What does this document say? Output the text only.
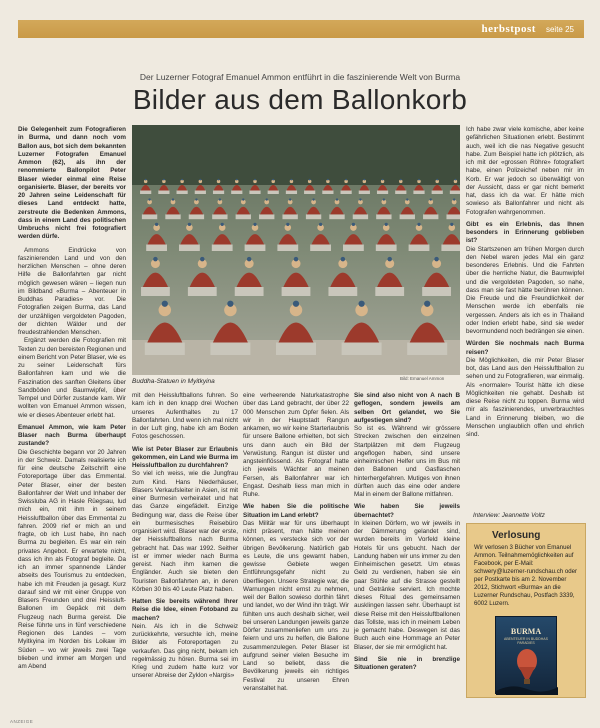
herbstpost seite 25
Der Luzerner Fotograf Emanuel Ammon entführt in die faszinierende Welt von Burma
Bilder aus dem Ballonkorb

Die Gelegenheit zum Fotografieren in Burma, und dann noch vom Ballon aus, bot sich dem bekannten Luzerner Fotografen Emanuel Ammon (62), als ihn der renommierte Ballonpilot Peter Blaser wieder einmal eine Reise organisierte. Blaser, der bereits vor 20 Jahren seine Leidenschaft für dieses Land entdeckt hatte, zerstreute die Bedenken Ammons, dass in einem Land des politischen Umbruchs nicht frei fotografiert werden dürfe.

Ammons Eindrücke von faszinierenden Land und von den herzlichen Menschen – ohne deren Hilfe die Ballonfahrten gar nicht möglich gewesen wären – liegen nun im Bildband «Burma – Abenteuer in Buddhas Paradies» vor. Die Fotografien zeigen Burma, das Land der unzähligen vergoldeten Pagoden, der dichten Wälder und der freudestrahlenden Menschen.

Ergänzt werden die Fotografien mit Texten zu den bereisten Regionen und einem Bericht von Peter Blaser, wie es zu seiner Leidenschaft fürs Ballonfahren kam und wie die Faszination des sanften Gleitens über Sandböden und Baumwipfel, über Tempel und Dörfer zustande kam. Wir wollten von Emanuel Ammon wissen, wie er dieses Abenteuer erlebt hat.

Emanuel Ammon, wie kam Peter Blaser nach Burma überhaupt zustande?

Die Geschichte begann vor 20 Jahren in der Schweiz. Damals realisierte ich für eine deutsche Zeitschrift eine Fotoreportage über das Emmental. Peter Blaser, einer der besten Ballonfahrer der Welt und Inhaber der Swissluba AG in Hasle Rüegsau, lud mich ein, mit ihm in seinem Heissluftballon über das Emmental zu fahren. 2009 rief er mich an und fragte, ob ich Lust habe, ihn nach Burma zu begleiten. Es war ein rein privates Angebot. Er erwartete nicht, dass ich ihn als Fotograf begleite. Da ich an immer spannende Länder abseits des Tourismus zu entdecken, habe ich mit Freuden ja gesagt. Kurz darauf sind wir mit einer Gruppe von Blasers Freunden und drei Heissluft-Ballonen im Gepäck mit dem Flugzeug nach Burma gereist. Die Reise führte uns in fünf verschiedene Regionen des Landes – vom Myitkyina im Norden bis Loikaw im Süden – wo wir jeweils zwei Tage blieben und immer am Morgen und am Abend

Buddha-Statuen in Myitkyina	Bild: Emanuel Ammon

mit den Heissluftballons fuhren. So kam ich in den knapp drei Wochen unseres Aufenthaltes zu 17 Ballonfahrten. Und wenn ich mal nicht in der Luft ging, habe ich am Boden Fotos geschossen.

Wie ist Peter Blaser zur Erlaubnis gekommen, ein Land wie Burma im Heissluftballon zu durchfahren?

So viel ich weiss, wie die Jungfrau zum Kind. Hans Niederhäuser, Blasers Verkaufsleiter in Asien, ist mit einer Burmesin verheiratet und hat das Ganze eingefädelt. Einzige Bedingung war, dass die Reise über ein burmesisches Reisebüro organisiert wird. Blaser war der erste, der Heissluftballons nach Burma gebracht hat. Das war 1992. Seither ist er immer wieder nach Burma gereist. Nach ihm kamen die Engländer. Auch sie bieten den Touristen Ballonfahrten an, in deren Körben 30 bis 40 Leute Platz haben.

Hatten Sie bereits während Ihrer Reise die Idee, einen Fotoband zu machen?

Nein. Als ich in die Schweiz zurückkehrte, versuchte ich, meine Bilder als Fotoreportagen zu verkaufen. Das ging nicht, bekam ich regelmässig zu hören. Burma sei im Krieg und zudem hatte kurz vor unserer Abreise der Zyklon «Nargis»

eine verheerende Naturkatastrophe über das Land gebracht, der über 22 000 Menschen zum Opfer fielen. Als wir in der Hauptstadt Rangun ankamen, wo wir keine Starterlaubnis für unsere Ballone erhielten, bot sich uns dann auch ein Bild der Verwüstung. Rangun ist düster und angsteinflössend. Als Fotograf hatte ich jeweils Wächter an meinen Fersen, als Ballonfahrer war ich Engast. Deshalb liess man mich in Ruhe.

Wie haben Sie die politische Situation im Land erlebt?

Das Militär war für uns überhaupt nicht präsent, man hätte meinen können, es verstecke sich vor der übrigen Bevölkerung. Natürlich gab es Leute, die uns gewarnt haben, gewisse Gebiete wegen Entführungsgefahr nicht zu überfliegen. Unsere Strategie war, die Warnungen nicht ernst zu nehmen, weil der Ballon sowieso dorthin fährt und landet, wo der Wind ihn trägt. Wir fühlten uns auch deshalb sicher, weil bei unseren Landungen jeweils ganze Dörfer zusammenliefen um uns zu feiern und uns zu helfen, die Ballone zusammenzulegen. Peter Blaser ist aufgrund seiner vielen Besuche im Land so beliebt, dass die Bevölkerung jeweils ein richtiges Festival zu unseren Ehren veranstaltet hat.

Sie sind also nicht von A nach B geflogen, sondern jeweils am selben Ort gelandet, wo Sie aufgestiegen sind?

So ist es. Während wir grössere Strecken zwischen den einzelnen Startplätzen mit dem Flugzeug angeflogen haben, sind unsere einheimischen Helfer uns im Bus mit den Ballonen und Gasflaschen hinterhergefahren. Mutiges von ihnen dürften auch das eine oder andere Mal in einem der Ballone mitfahren.

Wie haben Sie jeweils übernachtet?

In kleinen Dörfern, wo wir jeweils in der Dämmerung gelandet sind, wurden bereits im Vorfeld kleine Hotels für uns gebucht. Nach der Landung haben wir uns immer zu den Einheimischen gesetzt. Um etwas Geld zu verdienen, haben sie ein paar Stühle auf die Strasse gestellt und Getränke serviert. Ich mochte dieses Ritual des gemeinsamen ausklingen lassen sehr. Überhaupt ist diese Reise mit den Heissluftballonen das Tollste, was ich in meinem Leben je gemacht habe. Deswegen ist das Buch auch eine Hommage an Peter Blaser, der sie mir ermöglicht hat.

Sind Sie nie in brenzlige Situationen geraten?

Ich habe zwar viele komische, aber keine gefährlichen Situationen erlebt. Bestimmt auch, weil ich die nas Negative gesucht habe. Zum Beispiel hatte ich plötzlich, als ich mit der «grossen Röhre» fotografiert habe, einen Polizeichef neben mir im Korb. Er war jedoch so überwältigt von der Aussicht, dass er gar nicht bemerkt hat, dass ich da war. Er hätte mich sowieso als Ballonfahrer und nicht als Fotografen wahrgenommen.

Gibt es ein Erlebnis, das Ihnen besonders in Erinnerung geblieben ist?

Die Startszenen am frühen Morgen durch den Nebel waren jedes Mal ein ganz besonderes Erlebnis. Und die Fahrten über die herrliche Natur, die Baumwipfel und die vergoldeten Pagoden, so nahe, dass man sie fast hätte berühren können. Die Freude und die Freundlichkeit der Menschen werde ich ebenfalls nie vergessen. Anders als ich es in Thailand oder Indien erlebt habe, sind sie weder bevormundend noch bedrängen sie einen.

Würden Sie nochmals nach Burma reisen?

Die Möglichkeiten, die mir Peter Blaser bot, das Land aus den Heissluftballon zu sehen und zu Fotografieren, war einmalig. Als «normaler» Tourist hätte ich diese Möglichkeiten nie gehabt. Deshalb ist diese Reise nicht zu toppen. Burma wird mir als faszinierendes, unverbrauchtes Land in Erinnerung bleiben, wo die Menschen unglaublich offen und ehrlich sind.

Interview: Jeannette Voltz
Verlosung
Wir verlosen 3 Bücher von Emanuel Ammon. Teilnahmemöglichkeiten auf Facebook, per E-Mail: schwery@luzerner-rundschau.ch oder per Postkarte bis am 2. November 2012, Stichwort «Burma» an die Luzerner Rundschau, Postfach 3339, 6002 Luzern.
BURMA
ABENTEUER IN BUDDHAS PARADIES
ANZEIGE
